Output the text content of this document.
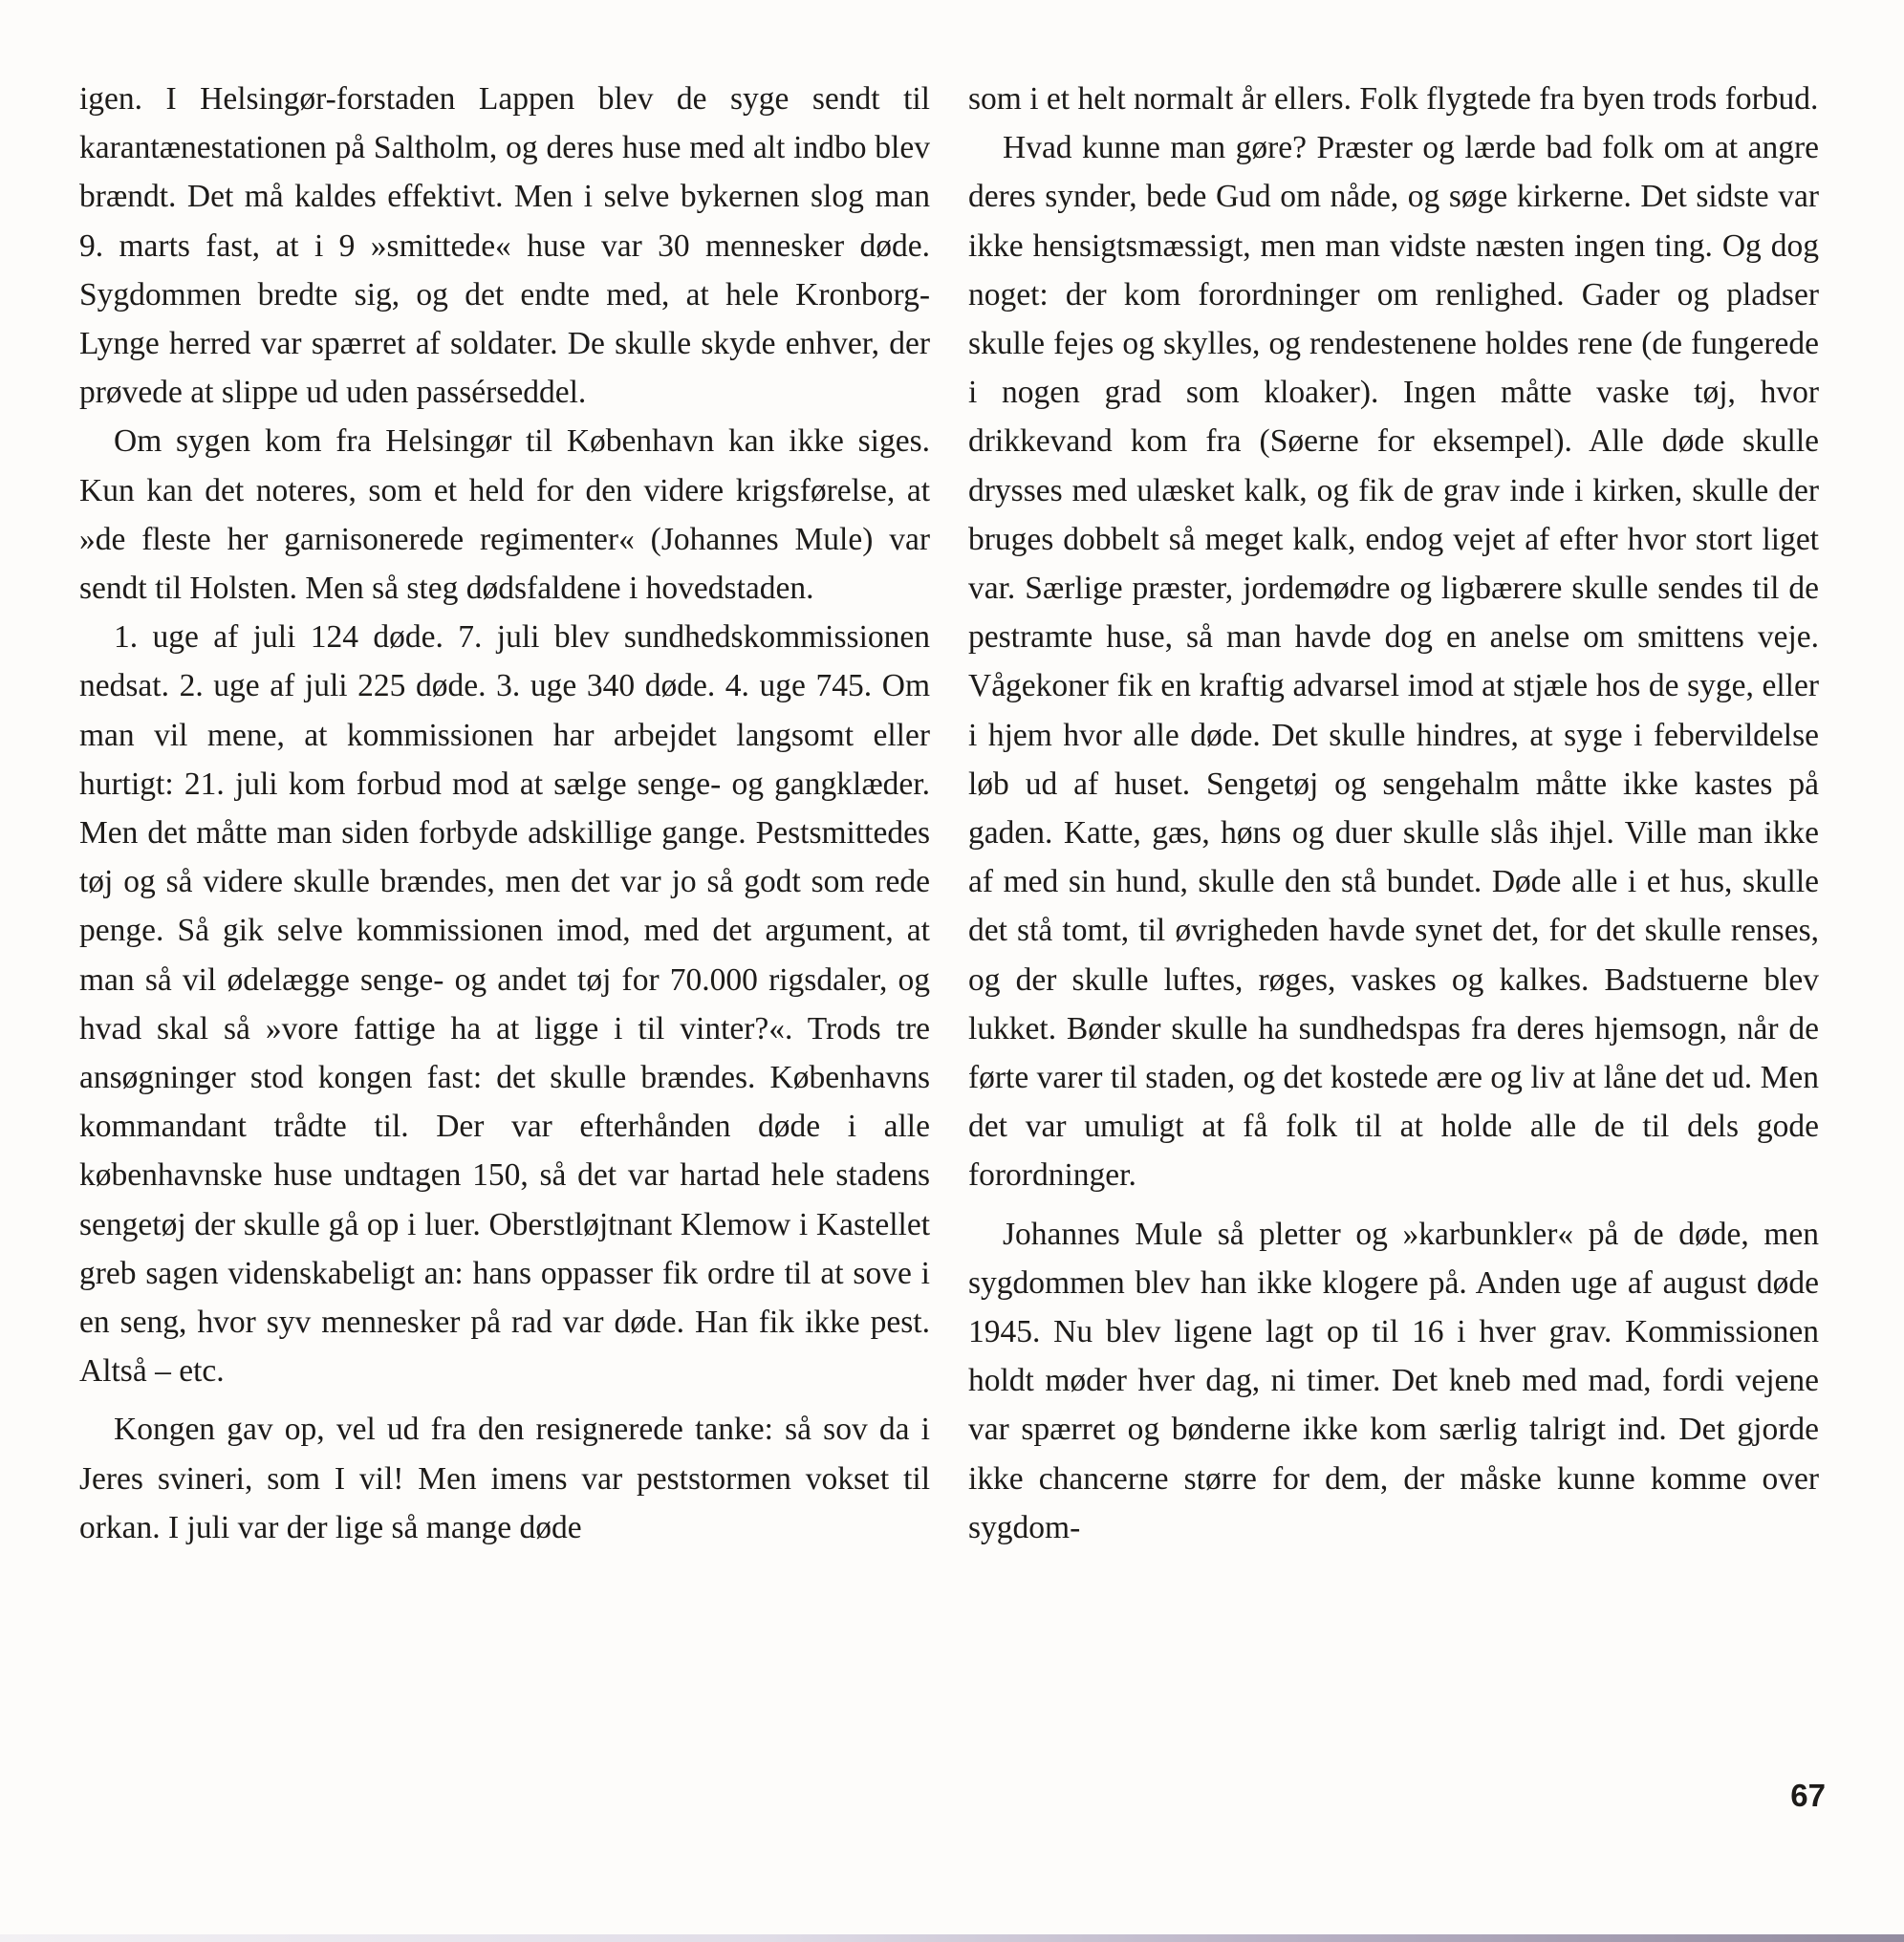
igen. I Helsingør-forstaden Lappen blev de syge sendt til karantænestationen på Saltholm, og deres huse med alt indbo blev brændt. Det må kaldes effektivt. Men i selve bykernen slog man 9. marts fast, at i 9 »smittede« huse var 30 mennesker døde. Sygdommen bredte sig, og det endte med, at hele Kronborg-Lynge herred var spærret af soldater. De skulle skyde enhver, der prøvede at slippe ud uden passérseddel.

Om sygen kom fra Helsingør til København kan ikke siges. Kun kan det noteres, som et held for den videre krigsførelse, at »de fleste her garnisonerede regimenter« (Johannes Mule) var sendt til Holsten. Men så steg dødsfaldene i hovedstaden.

1. uge af juli 124 døde. 7. juli blev sundhedskommissionen nedsat. 2. uge af juli 225 døde. 3. uge 340 døde. 4. uge 745. Om man vil mene, at kommissionen har arbejdet langsomt eller hurtigt: 21. juli kom forbud mod at sælge senge- og gangklæder. Men det måtte man siden forbyde adskillige gange. Pestsmittedes tøj og så videre skulle brændes, men det var jo så godt som rede penge. Så gik selve kommissionen imod, med det argument, at man så vil ødelægge senge- og andet tøj for 70.000 rigsdaler, og hvad skal så »vore fattige ha at ligge i til vinter?«. Trods tre ansøgninger stod kongen fast: det skulle brændes. Københavns kommandant trådte til. Der var efterhånden døde i alle københavnske huse undtagen 150, så det var hartad hele stadens sengetøj der skulle gå op i luer. Oberstløjtnant Klemow i Kastellet greb sagen videnskabeligt an: hans oppasser fik ordre til at sove i en seng, hvor syv mennesker på rad var døde. Han fik ikke pest. Altså – etc.

Kongen gav op, vel ud fra den resignerede tanke: så sov da i Jeres svineri, som I vil! Men imens var peststormen vokset til orkan. I juli var der lige så mange døde

som i et helt normalt år ellers. Folk flygtede fra byen trods forbud.

Hvad kunne man gøre? Præster og lærde bad folk om at angre deres synder, bede Gud om nåde, og søge kirkerne. Det sidste var ikke hensigtsmæssigt, men man vidste næsten ingen ting. Og dog noget: der kom forordninger om renlighed. Gader og pladser skulle fejes og skylles, og rendestenene holdes rene (de fungerede i nogen grad som kloaker). Ingen måtte vaske tøj, hvor drikkevand kom fra (Søerne for eksempel). Alle døde skulle drysses med ulæsket kalk, og fik de grav inde i kirken, skulle der bruges dobbelt så meget kalk, endog vejet af efter hvor stort liget var. Særlige præster, jordemødre og ligbærere skulle sendes til de pestramte huse, så man havde dog en anelse om smittens veje. Vågekoner fik en kraftig advarsel imod at stjæle hos de syge, eller i hjem hvor alle døde. Det skulle hindres, at syge i febervildelse løb ud af huset. Sengetøj og sengehalm måtte ikke kastes på gaden. Katte, gæs, høns og duer skulle slås ihjel. Ville man ikke af med sin hund, skulle den stå bundet. Døde alle i et hus, skulle det stå tomt, til øvrigheden havde synet det, for det skulle renses, og der skulle luftes, røges, vaskes og kalkes. Badstuerne blev lukket. Bønder skulle ha sundhedspas fra deres hjemsogn, når de førte varer til staden, og det kostede ære og liv at låne det ud. Men det var umuligt at få folk til at holde alle de til dels gode forordninger.

Johannes Mule så pletter og »karbunkler« på de døde, men sygdommen blev han ikke klogere på. Anden uge af august døde 1945. Nu blev ligene lagt op til 16 i hver grav. Kommissionen holdt møder hver dag, ni timer. Det kneb med mad, fordi vejene var spærret og bønderne ikke kom særlig talrigt ind. Det gjorde ikke chancerne større for dem, der måske kunne komme over sygdom-

67
